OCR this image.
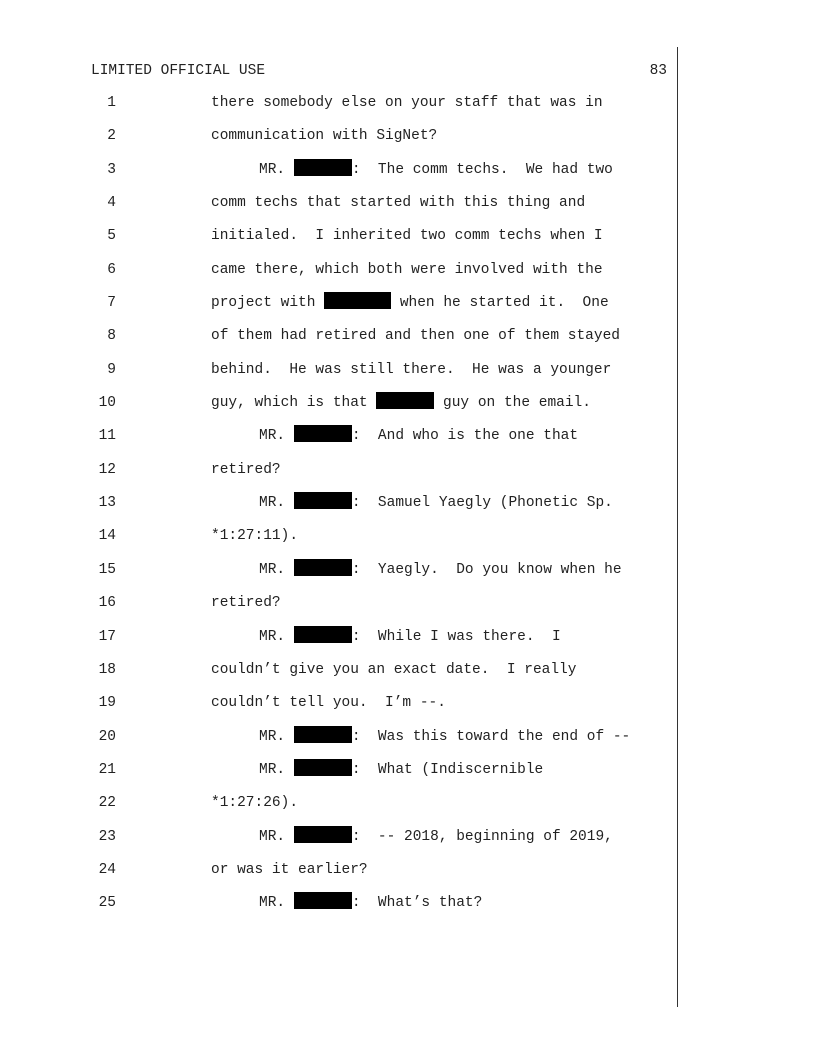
LIMITED OFFICIAL USE	83
1	there somebody else on your staff that was in
2	communication with SigNet?
3	MR.	:  The comm techs.  We had two
4	comm techs that started with this thing and
5	initialed.  I inherited two comm techs when I
6	came there, which both were involved with the
7	project with	when he started it.  One
8	of them had retired and then one of them stayed
9	behind.  He was still there.  He was a younger
10	guy, which is that	guy on the email.
11	MR.	:  And who is the one that
12	retired?
13	MR.	:  Samuel Yaegly (Phonetic Sp.
14	*1:27:11).
15	MR.	:  Yaegly.  Do you know when he
16	retired?
17	MR.	:  While I was there.  I
18	couldn’t give you an exact date.  I really
19	couldn’t tell you.  I’m --.
20	MR.	:  Was this toward the end of --
21	MR.	:  What (Indiscernible
22	*1:27:26).
23	MR.	:  -- 2018, beginning of 2019,
24	or was it earlier?
25	MR.	:  What’s that?
